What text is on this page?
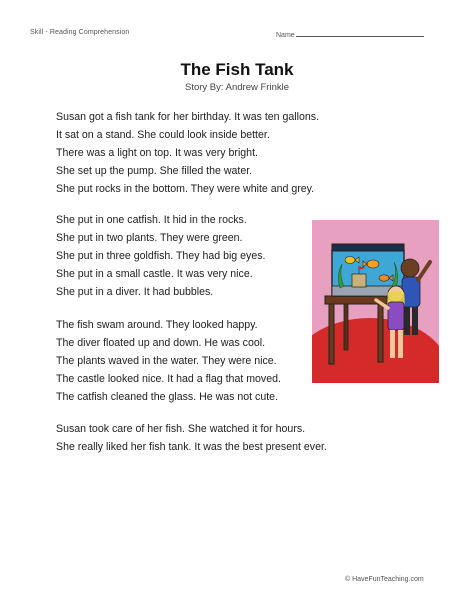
Skill - Reading Comprehension	Name
The Fish Tank
Story By: Andrew Frinkle
Susan got a fish tank for her birthday. It was ten gallons.
It sat on a stand. She could look inside better.
There was a light on top. It was very bright.
She set up the pump. She filled the water.
She put rocks in the bottom. They were white and grey.
She put in one catfish. It hid in the rocks.
She put in two plants. They were green.
She put in three goldfish. They had big eyes.
She put in a small castle. It was very nice.
She put in a diver. It had bubbles.
The fish swam around. They looked happy.
The diver floated up and down. He was cool.
The plants waved in the water. They were nice.
The castle looked nice. It had a flag that moved.
The catfish cleaned the glass. He was not cute.
Susan took care of her fish. She watched it for hours.
She really liked her fish tank. It was the best present ever.
© HaveFunTeaching.com
